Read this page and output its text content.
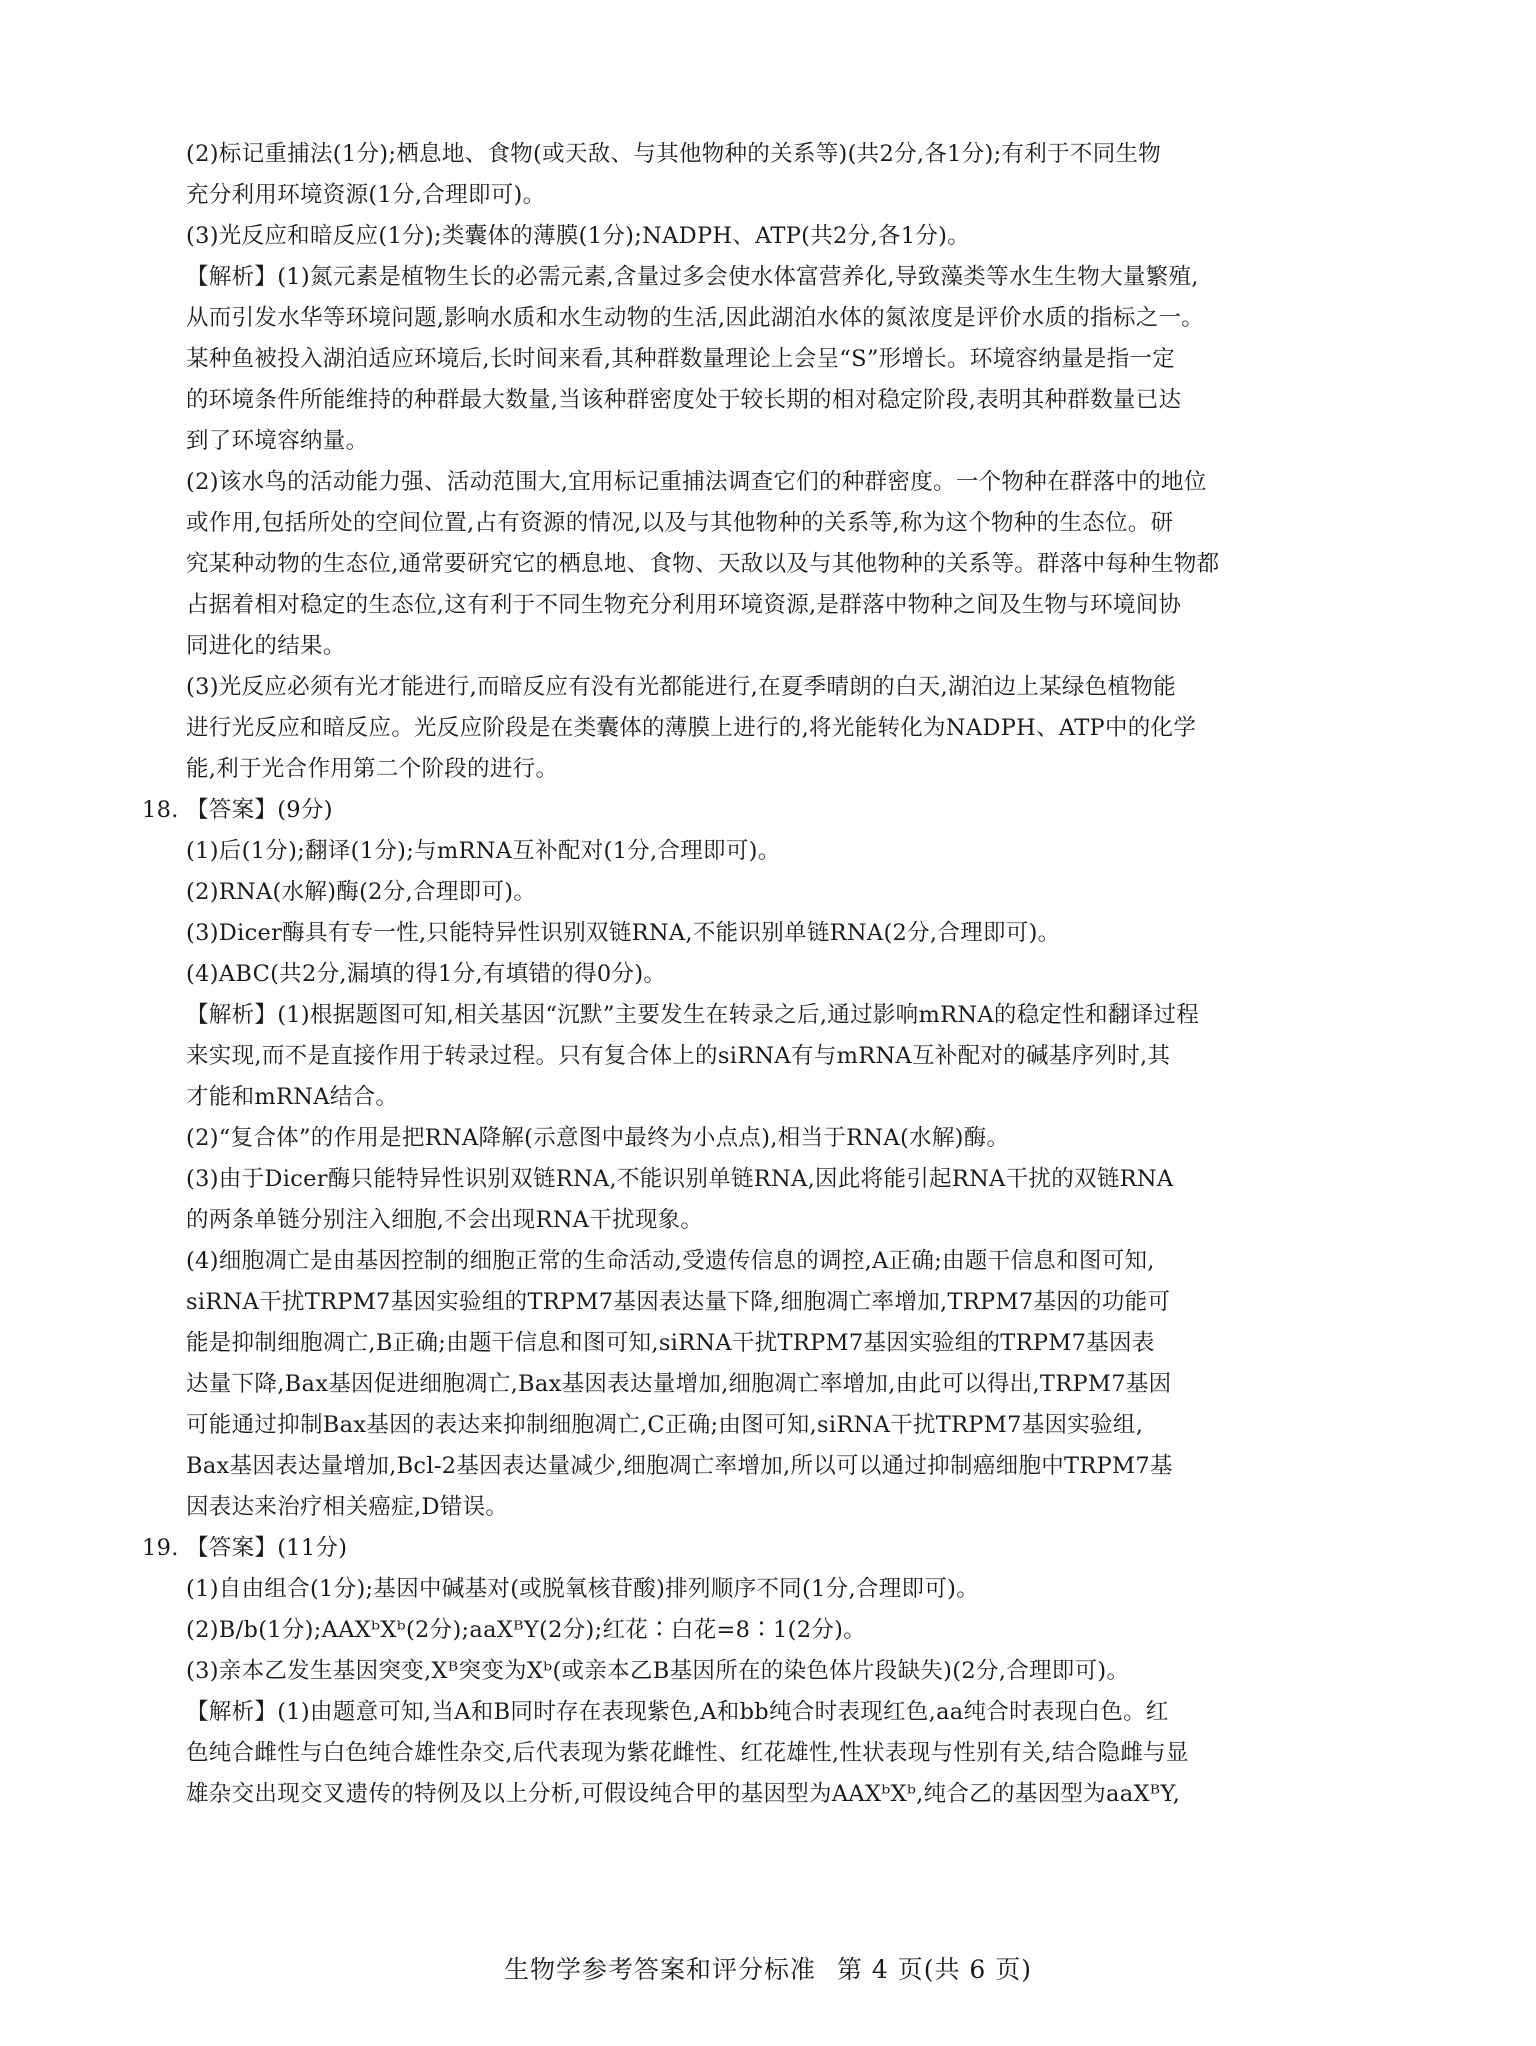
(2)标记重捕法(1分);栖息地、食物(或天敌、与其他物种的关系等)(共2分,各1分);有利于不同生物

充分利用环境资源(1分,合理即可)。

(3)光反应和暗反应(1分);类囊体的薄膜(1分);NADPH、ATP(共2分,各1分)。

【解析】(1)氮元素是植物生长的必需元素,含量过多会使水体富营养化,导致藻类等水生生物大量繁殖,

从而引发水华等环境问题,影响水质和水生动物的生活,因此湖泊水体的氮浓度是评价水质的指标之一。

某种鱼被投入湖泊适应环境后,长时间来看,其种群数量理论上会呈“S”形增长。环境容纳量是指一定

的环境条件所能维持的种群最大数量,当该种群密度处于较长期的相对稳定阶段,表明其种群数量已达

到了环境容纳量。

(2)该水鸟的活动能力强、活动范围大,宜用标记重捕法调查它们的种群密度。一个物种在群落中的地位

或作用,包括所处的空间位置,占有资源的情况,以及与其他物种的关系等,称为这个物种的生态位。研

究某种动物的生态位,通常要研究它的栖息地、食物、天敌以及与其他物种的关系等。群落中每种生物都

占据着相对稳定的生态位,这有利于不同生物充分利用环境资源,是群落中物种之间及生物与环境间协

同进化的结果。

(3)光反应必须有光才能进行,而暗反应有没有光都能进行,在夏季晴朗的白天,湖泊边上某绿色植物能

进行光反应和暗反应。光反应阶段是在类囊体的薄膜上进行的,将光能转化为NADPH、ATP中的化学

能,利于光合作用第二个阶段的进行。

18. 【答案】(9分)

(1)后(1分);翻译(1分);与mRNA互补配对(1分,合理即可)。

(2)RNA(水解)酶(2分,合理即可)。

(3)Dicer酶具有专一性,只能特异性识别双链RNA,不能识别单链RNA(2分,合理即可)。

(4)ABC(共2分,漏填的得1分,有填错的得0分)。

【解析】(1)根据题图可知,相关基因“沉默”主要发生在转录之后,通过影响mRNA的稳定性和翻译过程

来实现,而不是直接作用于转录过程。只有复合体上的siRNA有与mRNA互补配对的碱基序列时,其

才能和mRNA结合。

(2)“复合体”的作用是把RNA降解(示意图中最终为小点点),相当于RNA(水解)酶。

(3)由于Dicer酶只能特异性识别双链RNA,不能识别单链RNA,因此将能引起RNA干扰的双链RNA

的两条单链分别注入细胞,不会出现RNA干扰现象。

(4)细胞凋亡是由基因控制的细胞正常的生命活动,受遗传信息的调控,A正确;由题干信息和图可知,

siRNA干扰TRPM7基因实验组的TRPM7基因表达量下降,细胞凋亡率增加,TRPM7基因的功能可

能是抑制细胞凋亡,B正确;由题干信息和图可知,siRNA干扰TRPM7基因实验组的TRPM7基因表

达量下降,Bax基因促进细胞凋亡,Bax基因表达量增加,细胞凋亡率增加,由此可以得出,TRPM7基因

可能通过抑制Bax基因的表达来抑制细胞凋亡,C正确;由图可知,siRNA干扰TRPM7基因实验组,

Bax基因表达量增加,Bcl-2基因表达量减少,细胞凋亡率增加,所以可以通过抑制癌细胞中TRPM7基

因表达来治疗相关癌症,D错误。

19. 【答案】(11分)

(1)自由组合(1分);基因中碱基对(或脱氧核苷酸)排列顺序不同(1分,合理即可)。

(2)B/b(1分);AAXᵇXᵇ(2分);aaXᴮY(2分);红花∶白花=8∶1(2分)。

(3)亲本乙发生基因突变,Xᴮ突变为Xᵇ(或亲本乙B基因所在的染色体片段缺失)(2分,合理即可)。

【解析】(1)由题意可知,当A和B同时存在表现紫色,A和bb纯合时表现红色,aa纯合时表现白色。红

色纯合雌性与白色纯合雄性杂交,后代表现为紫花雌性、红花雄性,性状表现与性别有关,结合隐雌与显

雄杂交出现交叉遗传的特例及以上分析,可假设纯合甲的基因型为AAXᵇXᵇ,纯合乙的基因型为aaXᴮY,

生物学参考答案和评分标准 第 4 页(共 6 页)
